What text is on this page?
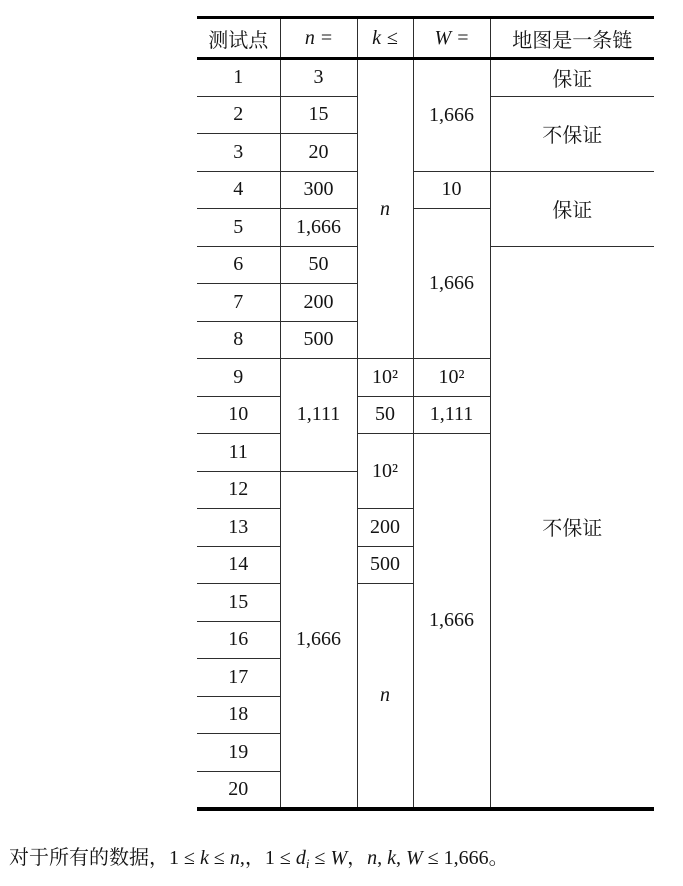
测试点	n =	k ≤	W =	地图是一条链
1	3	n	1,666	保证
2	15			不保证
3	20			
4	300		10	保证
5	1,666		1,666	
6	50			不保证
7	200			
8	500			
9	1,111	10²	10²	
10		50	1,111	
11		10²	1,666	
12	1,666			
13		200		
14		500		
15		n		
16				
17				
18				
19				
20				

对于所有的数据，1 ≤ k ≤ n,，$1 \le d_i \le W$，n, k, W ≤ 1,666。
